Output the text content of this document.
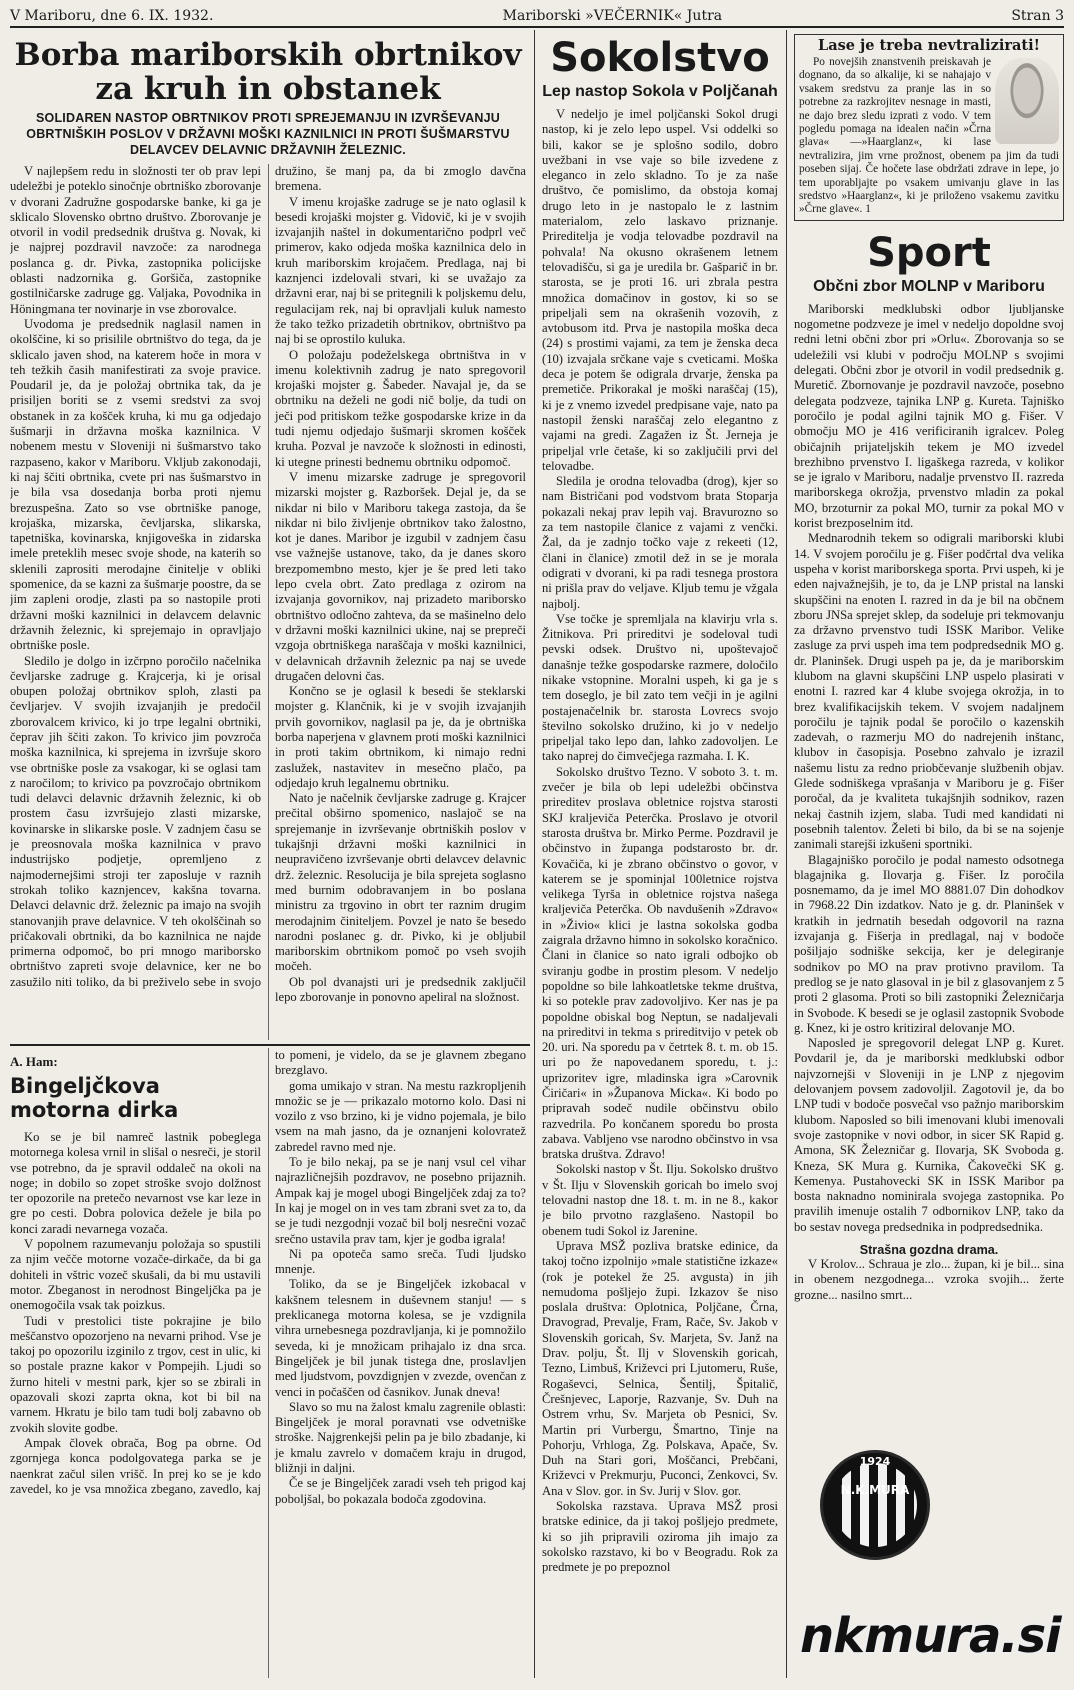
V Mariboru, dne 6. IX. 1932.	Mariborski »VEČERNIK« Jutra	Stran 3
Borba mariborskih obrtnikov za kruh in obstanek
SOLIDAREN NASTOP OBRTNIKOV PROTI SPREJEMANJU IN IZVRŠEVANJU OBRTNIŠKIH POSLOV V DRŽAVNI MOŠKI KAZNILNICI IN PROTI ŠUŠMARSTVU DELAVCEV DELAVNIC DRŽAVNIH ŽELEZNIC.

V najlepšem redu in složnosti ter ob prav lepi udeležbi je poteklo sinočnje obrtniško zborovanje v dvorani Zadružne gospodarske banke, ki ga je sklicalo Slovensko obrtno društvo. Zborovanje je otvoril in vodil predsednik društva g. Novak, ki je najprej pozdravil navzoče: za narodnega poslanca g. dr. Pivka, zastopnika policijske oblasti nadzornika g. Goršiča, zastopnike gostilničarske zadruge gg. Valjaka, Povodnika in Höningmana ter novinarje in vse zborovalce.

Uvodoma je predsednik naglasil namen in okolščine, ki so prisilile obrtništvo do tega, da je sklicalo javen shod, na katerem hoče in mora v teh težkih časih manifestirati za svoje pravice. Poudaril je, da je položaj obrtnika tak, da je prisiljen boriti se z vsemi sredstvi za svoj obstanek in za košček kruha, ki mu ga odjedajo šušmarji in državna moška kaznilnica. V nobenem mestu v Sloveniji ni šušmarstvo tako razpaseno, kakor v Mariboru. Vkljub zakonodaji, ki naj ščiti obrtnika, cvete pri nas šušmarstvo in je bila vsa dosedanja borba proti njemu brezuspešna. Zato so vse obrtniške panoge, krojaška, mizarska, čevljarska, slikarska, tapetniška, kovinarska, knjigoveška in zidarska imele preteklih mesec svoje shode, na katerih so sklenili zaprositi merodajne činitelje v obliki spomenice, da se kazni za šušmarje poostre, da se jim zapleni orodje, zlasti pa so nastopile proti državni moški kaznilnici in delavcem delavnic državnih železnic, ki sprejemajo in opravljajo obrtniške posle.

Sledilo je dolgo in izčrpno poročilo načelnika čevljarske zadruge g. Krajcerja, ki je orisal obupen položaj obrtnikov sploh, zlasti pa čevljarjev. V svojih izvajanjih je predočil zborovalcem krivico, ki jo trpe legalni obrtniki, čeprav jih ščiti zakon. To krivico jim povzroča moška kaznilnica, ki sprejema in izvršuje skoro vse obrtniške posle za vsakogar, ki se oglasi tam z naročilom; to krivico pa povzročajo obrtnikom tudi delavci delavnic državnih železnic, ki ob prostem času izvršujejo zlasti mizarske, kovinarske in slikarske posle. V zadnjem času se je preosnovala moška kaznilnica v pravo industrijsko podjetje, opremljeno z najmodernejšimi stroji ter zaposluje v raznih strokah toliko kaznjencev, kakšna tovarna. Delavci delavnic drž. železnic pa imajo na svojih stanovanjih prave delavnice. V teh okolščinah so pričakovali obrtniki, da bo kaznilnica ne najde primerna odpomoč, bo pri mnogo mariborsko obrtništvo zapreti svoje delavnice, ker ne bo zasužilo niti toliko, da bi preživelo sebe in svojo družino, še manj pa, da bi zmoglo davčna bremena.

V imenu krojaške zadruge se je nato oglasil k besedi krojaški mojster g. Vidovič, ki je v svojih izvajanjih naštel in dokumentarično podprl več primerov, kako odjeda moška kaznilnica delo in kruh mariborskim krojačem. Predlaga, naj bi kaznjenci izdelovali stvari, ki se uvažajo za državni erar, naj bi se pritegnili k poljskemu delu, regulacijam rek, naj bi opravljali kuluk namesto že tako težko prizadetih obrtnikov, obrtništvo pa naj bi se oprostilo kuluka.

O položaju podeželskega obrtništva in v imenu kolektivnih zadrug je nato spregovoril krojaški mojster g. Šabeder. Navajal je, da se obrtniku na deželi ne godi nič bolje, da tudi on ječi pod pritiskom težke gospodarske krize in da tudi njemu odjedajo šušmarji skromen košček kruha. Pozval je navzoče k složnosti in edinosti, ki utegne prinesti bednemu obrtniku odpomoč.

V imenu mizarske zadruge je spregovoril mizarski mojster g. Razboršek. Dejal je, da se nikdar ni bilo v Mariboru takega zastoja, da še nikdar ni bilo življenje obrtnikov tako žalostno, kot je danes. Maribor je izgubil v zadnjem času vse važnejše ustanove, tako, da je danes skoro brezpomembno mesto, kjer je še pred leti tako lepo cvela obrt. Zato predlaga z ozirom na izvajanja govornikov, naj prizadeto mariborsko obrtništvo odločno zahteva, da se mašinelno delo v državni moški kaznilnici ukine, naj se prepreči vzgoja obrtniškega naraščaja v moški kaznilnici, v delavnicah državnih železnic pa naj se uvede drugačen delovni čas.

Končno se je oglasil k besedi še steklarski mojster g. Klančnik, ki je v svojih izvajanjih prvih govornikov, naglasil pa je, da je obrtniška borba naperjena v glavnem proti moški kaznilnici in proti takim obrtnikom, ki nimajo redni zaslužek, nastavitev in mesečno plačo, pa odjedajo kruh legalnemu obrtniku.

Nato je načelnik čevljarske zadruge g. Krajcer prečital obširno spomenico, naslajoč se na sprejemanje in izvrševanje obrtniških poslov v tukajšnji državni moški kaznilnici in neupravičeno izvrševanje obrti delavcev delavnic drž. železnic. Resolucija je bila sprejeta soglasno med burnim odobravanjem in bo poslana ministru za trgovino in obrt ter raznim drugim merodajnim činiteljem. Povzel je nato še besedo narodni poslanec g. dr. Pivko, ki je obljubil mariborskim obrtnikom pomoč po vseh svojih močeh.

Ob pol dvanajsti uri je predsednik zaključil lepo zborovanje in ponovno apeliral na složnost.

A. Ham:
Bingeljčkova motorna dirka

Ko se je bil namreč lastnik pobeglega motornega kolesa vrnil in slišal o nesreči, je storil vse potrebno, da je spravil oddaleč na okoli na noge; in dobilo so zopet stroške svojo dolžnost ter opozorile na pretečo nevarnost vse kar leze in gre po cesti. Dobra polovica dežele je bila po konci zaradi nevarnega vozača.

V popolnem razumevanju položaja so spustili za njim večče motorne vozače-dirkače, da bi ga dohiteli in vštric vozeč skušali, da bi mu ustavili motor. Zbeganost in nerodnost Bingeljčka pa je onemogočila vsak tak poizkus.

Tudi v prestolici tiste pokrajine je bilo meščanstvo opozorjeno na nevarni prihod. Vse je takoj po opozorilu izginilo z trgov, cest in ulic, ki so postale prazne kakor v Pompejih. Ljudi so žurno hiteli v mestni park, kjer so se zbirali in opazovali skozi zaprta okna, kot bi bil na varnem. Hkratu je bilo tam tudi bolj zabavno ob zvokih slovite godbe.

Ampak človek obrača, Bog pa obrne. Od zgornjega konca podolgovatega parka se je naenkrat začul silen vrišč. In prej ko se je kdo zavedel, ko je vsa množica zbegano, zavedlo, kaj to pomeni, je videlo, da se je glavnem zbegano brezglavo.

goma umikajo v stran. Na mestu razkropljenih množic se je — prikazalo motorno kolo. Dasi ni vozilo z vso brzino, ki je vidno pojemala, je bilo vsem na mah jasno, da je oznanjeni kolovratež zabredel ravno med nje.

To je bilo nekaj, pa se je nanj vsul cel vihar najrazličnejših pozdravov, ne posebno prijaznih. Ampak kaj je mogel ubogi Bingeljček zdaj za to? In kaj je mogel on in ves tam zbrani svet za to, da se je tudi nezgodnji vozač bil bolj nesrečni vozač srečno ustavila prav tam, kjer je godba igrala!

Ni pa opoteča samo sreča. Tudi ljudsko mnenje.

Toliko, da se je Bingeljček izkobacal v kakšnem telesnem in duševnem stanju! — s preklicanega motorna kolesa, se je vzdignila vihra urnebesnega pozdravljanja, ki je pomnožilo seveda, ki je množicam prihajalo iz dna srca. Bingeljček je bil junak tistega dne, proslavljen med ljudstvom, povzdignjen v zvezde, ovenčan z venci in počaščen od časnikov. Junak dneva!

Slavo so mu na žalost kmalu zagrenile oblasti: Bingeljček je moral poravnati vse odvetniške stroške. Najgrenkejši pelin pa je bilo zbadanje, ki je kmalu zavrelo v domačem kraju in drugod, bližnji in daljni.

Če se je Bingeljček zaradi vseh teh prigod kaj poboljšal, bo pokazala bodoča zgodovina.

Sokolstvo
Lep nastop Sokola v Poljčanah

V nedeljo je imel poljčanski Sokol drugi nastop, ki je zelo lepo uspel. Vsi oddelki so bili, kakor se je splošno sodilo, dobro uvežbani in vse vaje so bile izvedene z eleganco in zelo skladno. To je za naše društvo, če pomislimo, da obstoja komaj drugo leto in je nastopalo le z lastnim materialom, zelo laskavo priznanje. Prireditelja je vodja telovadbe pozdravil na pohvala! Na okusno okrašenem letnem telovadišču, si ga je uredila br. Gašparič in br. starosta, se je proti 16. uri zbrala pestra množica domačinov in gostov, ki so se pripeljali sem na okrašenih vozovih, z avtobusom itd. Prva je nastopila moška deca (24) s prostimi vajami, za tem je ženska deca (10) izvajala srčkane vaje s cveticami. Moška deca je potem še odigrala drvarje, ženska pa premetiče. Prikorakal je moški naraščaj (15), ki je z vnemo izvedel predpisane vaje, nato pa nastopil ženski naraščaj zelo elegantno z vajami na gredi. Zagažen iz Št. Jerneja je pripeljal vrle četaše, ki so zaključili prvi del telovadbe.

Sledila je orodna telovadba (drog), kjer so nam Bistričani pod vodstvom brata Stoparja pokazali nekaj prav lepih vaj. Bravurozno so za tem nastopile članice z vajami z venčki. Žal, da je zadnjo točko vaje z rekeeti (12, člani in članice) zmotil dež in se je morala odigrati v dvorani, ki pa radi tesnega prostora ni prišla prav do veljave. Kljub temu je vžgala najbolj.

Vse točke je spremljala na klavirju vrla s. Žitnikova. Pri prireditvi je sodeloval tudi pevski odsek. Društvo ni, upoštevajoč današnje težke gospodarske razmere, določilo nikake vstopnine. Moralni uspeh, ki ga je s tem doseglo, je bil zato tem večji in je agilni postajenačelnik br. starosta Lovrecs svojo številno sokolsko družino, ki jo v nedeljo pripeljal tako lepo dan, lahko zadovoljen. Le tako naprej do čimvečjega razmaha. I. K.

Sokolsko društvo Tezno. V soboto 3. t. m. zvečer je bila ob lepi udeležbi občinstva prireditev proslava obletnice rojstva starosti SKJ kraljeviča Peterčka. Proslavo je otvoril starosta društva br. Mirko Perme. Pozdravil je občinstvo in županga podstarosto br. dr. Kovačiča, ki je zbrano občinstvo o govor, v katerem se je spominjal 100letnice rojstva velikega Tyrša in obletnice rojstva našega kraljeviča Peterčka. Ob navdušenih »Zdravo« in »Živio« klici je lastna sokolska godba zaigrala državno himno in sokolsko koračnico. Člani in članice so nato igrali odbojko ob sviranju godbe in prostim plesom. V nedeljo popoldne so bile lahkoatletske tekme društva, ki so potekle prav zadovoljivo. Ker nas je pa popoldne obiskal bog Neptun, se nadaljevali na prireditvi in tekma s prireditvijo v petek ob 20. uri. Na sporedu pa v četrtek 8. t. m. ob 15. uri po že napovedanem sporedu, t. j.: uprizoritev igre, mladinska igra »Carovnik Čiričari« in »Županova Micka«. Ki bodo po pripravah sodeč nudile občinstvu obilo razvedrila. Po končanem sporedu bo prosta zabava. Vabljeno vse narodno občinstvo in vsa bratska društva. Zdravo!

Sokolski nastop v Št. Ilju. Sokolsko društvo v Št. Ilju v Slovenskih goricah bo imelo svoj telovadni nastop dne 18. t. m. in ne 8., kakor je bilo prvotno razglašeno. Nastopil bo obenem tudi Sokol iz Jarenine.

Uprava MSŽ pozliva bratske edinice, da takoj točno izpolnijo »male statistične izkaze« (rok je potekel že 25. avgusta) in jih nemudoma pošljejo župi. Izkazov še niso poslala društva: Oplotnica, Poljčane, Črna, Dravograd, Prevalje, Fram, Rače, Sv. Jakob v Slovenskih goricah, Sv. Marjeta, Sv. Janž na Drav. polju, Št. Ilj v Slovenskih goricah, Tezno, Limbuš, Križevci pri Ljutomeru, Ruše, Rogaševci, Selnica, Šentilj, Špitalič, Črešnjevec, Laporje, Razvanje, Sv. Duh na Ostrem vrhu, Sv. Marjeta ob Pesnici, Sv. Martin pri Vurbergu, Šmartno, Tinje na Pohorju, Vrhloga, Zg. Polskava, Apače, Sv. Duh na Stari gori, Moščanci, Prebčani, Križevci v Prekmurju, Puconci, Zenkovci, Sv. Ana v Slov. gor. in Sv. Jurij v Slov. gor.

Sokolska razstava. Uprava MSŽ prosi bratske edinice, da ji takoj pošljejo predmete, ki so jih pripravili oziroma jih imajo za sokolsko razstavo, ki bo v Beogradu. Rok za predmete je po prepoznol

Lase je treba nevtralizirati!

Po novejših znanstvenih preiskavah je dognano, da so alkalije, ki se nahajajo v vsakem sredstvu za pranje las in so potrebne za razkrojitev nesnage in masti, ne dajo brez sledu izprati z vodo. V tem pogledu pomaga na idealen način »Črna glava« —»Haarglanz«, ki lase nevtralizira, jim vrne prožnost, obenem pa jim da tudi poseben sijaj. Če hočete lase obdržati zdrave in lepe, jo tem uporabljajte po vsakem umivanju glave in las sredstvo »Haarglanz«, ki je priloženo vsakemu zavitku »Črne glave«. 1

Sport
Občni zbor MOLNP v Mariboru

Mariborski medklubski odbor ljubljanske nogometne podzveze je imel v nedeljo dopoldne svoj redni letni občni zbor pri »Orlu«. Zborovanja so se udeležili vsi klubi v področju MOLNP s svojimi delegati. Občni zbor je otvoril in vodil predsednik g. Muretič. Zbornovanje je pozdravil navzoče, posebno delegata podzveze, tajnika LNP g. Kureta. Tajniško poročilo je podal agilni tajnik MO g. Fišer. V območju MO je 416 verificiranih igralcev. Poleg običajnih prijateljskih tekem je MO izvedel brezhibno prvenstvo I. ligaškega razreda, v kolikor se je igralo v Mariboru, nadalje prvenstvo II. razreda mariborskega okrožja, prvenstvo mladin za pokal MO, brzoturnir za pokal MO, turnir za pokal MO v korist brezposelnim itd.

Mednarodnih tekem so odigrali mariborski klubi 14. V svojem poročilu je g. Fišer podčrtal dva velika uspeha v korist mariborskega sporta. Prvi uspeh, ki je eden najvažnejših, je to, da je LNP pristal na lanski skupščini na enoten I. razred in da je bil na občnem zboru JNSa sprejet sklep, da sodeluje pri tekmovanju za državno prvenstvo tudi ISSK Maribor. Velike zasluge za prvi uspeh ima tem podpredsednik MO g. dr. Planinšek. Drugi uspeh pa je, da je mariborskim klubom na glavni skupščini LNP uspelo plasirati v enotni I. razred kar 4 klube svojega okrožja, in to brez kvalifikacijskih tekem. V svojem nadaljnem poročilu je tajnik podal še poročilo o kazenskih zadevah, o razmerju MO do nadrejenih inštanc, klubov in časopisja. Posebno zahvalo je izrazil našemu listu za redno priobčevanje službenih objav. Glede sodniškega vprašanja v Mariboru je g. Fišer poročal, da je kvaliteta tukajšnjih sodnikov, razen nekaj častnih izjem, slaba. Tudi med kandidati ni posebnih talentov. Želeti bi bilo, da bi se na sojenje zanimali starejši izkušeni sportniki.

Blagajniško poročilo je podal namesto odsotnega blagajnika g. Ilovarja g. Fišer. Iz poročila posnemamo, da je imel MO 8881.07 Din dohodkov in 7968.22 Din izdatkov. Nato je g. dr. Planinšek v kratkih in jedrnatih besedah odgovoril na razna izvajanja g. Fišerja in predlagal, naj v bodoče pošiljajo sodniške sekcija, ker je delegiranje sodnikov po MO na prav protivno pravilom. Ta predlog se je nato glasoval in je bil z glasovanjem z 5 proti 2 glasoma. Proti so bili zastopniki Železničarja in Svobode. K besedi se je oglasil zastopnik Svobode g. Knez, ki je ostro kritiziral delovanje MO.

Naposled je spregovoril delegat LNP g. Kuret. Povdaril je, da je mariborski medklubski odbor najvzornejši v Sloveniji in je LNP z njegovim delovanjem povsem zadovoljil. Zagotovil je, da bo LNP tudi v bodoče posvečal vso pažnjo mariborskim klubom. Naposled so bili imenovani klubi imenovali svoje zastopnike v novi odbor, in sicer SK Rapid g. Amona, SK Železničar g. Ilovarja, SK Svoboda g. Kneza, SK Mura g. Kurnika, Čakovečki SK g. Kemenya. Pustahovecki SK in ISSK Maribor pa bosta naknadno nominirala svojega zastopnika. Po pravilih imenuje ostalih 7 odbornikov LNP, tako da bo sestav novega predsednika in podpredsednika.

Strašna gozdna drama.

V Krolov... Schraua je zlo... župan, ki je bil... sina in obenem nezgodnega... vzroka svojih... žerte grozne... nasilno smrt...

1924
N.K.MURA
nkmura.si
